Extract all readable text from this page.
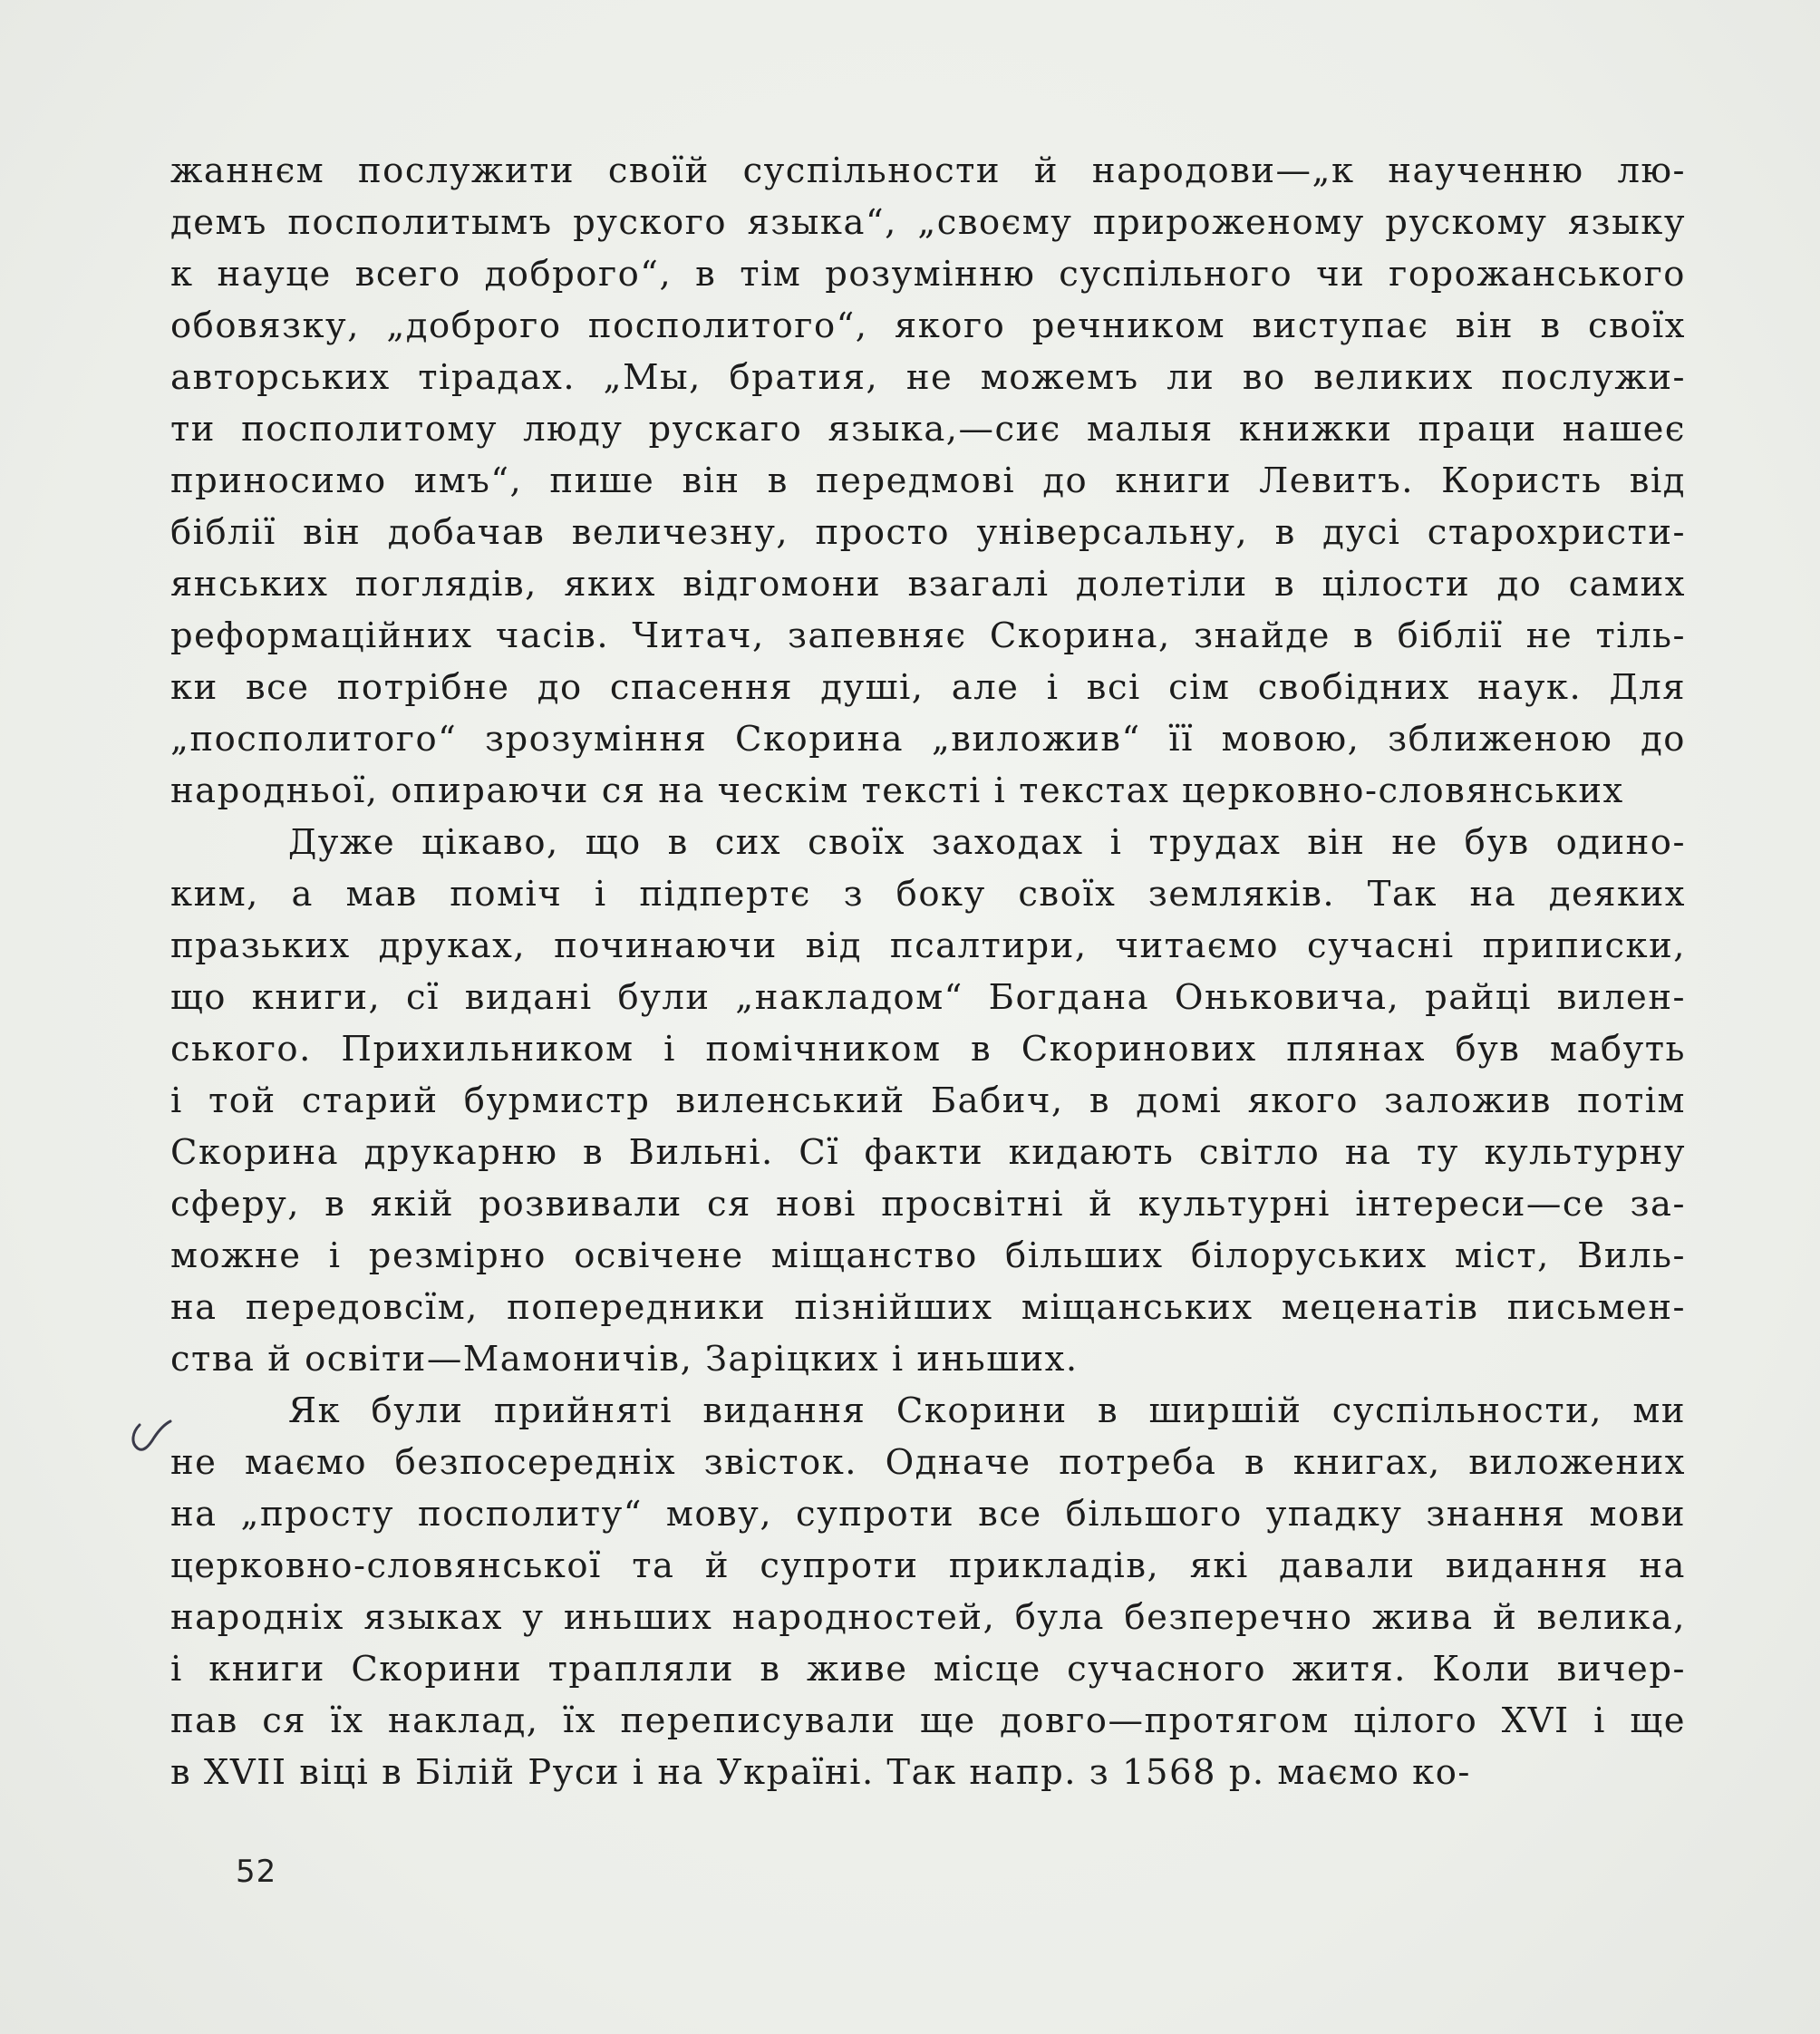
жаннєм послужити своїй суспільности й народови—„к наученню лю-
демъ посполитымъ рускогo языка“, „своєму прироженому рускому языку
к науце всего доброго“, в тім розумінню суспільного чи горожанського
обовязку, „доброго посполитого“, якого речником виступає він в своїх
авторських тірадах. „Мы, братия, не можемъ ли во великих послужи-
ти посполитому люду рускаго языка,—сиє малыя книжки праци нашеє
приносимо имъ“, пише він в передмові до книги Левитъ. Користь від
біблії він добачав величезну, просто універсальну, в дусі старохристи-
янських поглядів, яких відгомони взагалі долетіли в цілости до самих
реформаційних часів. Читач, запевняє Скорина, знайде в біблії не тіль-
ки все потрібне до спасення душі, але і всі сім свобідних наук. Для
„посполитого“ зрозуміння Скорина „виложив“ її мовою, зближеною до
народньої, опираючи ся на ческім тексті і текстах церковно-словянських
Дуже цікаво, що в сих своїх заходах і трудах він не був одино-
ким, а мав поміч і підпертє з боку своїх земляків. Так на деяких
празьких друках, починаючи від псалтири, читаємо сучасні приписки,
що книги, сї видані були „накладом“ Богдана Оньковича, райці вилен-
ського. Прихильником і помічником в Скоринових плянах був мабуть
і той старий бурмистр виленський Бабич, в домі якого заложив потім
Скорина друкарню в Вильні. Сї факти кидають світло на ту культурну
сферу, в якій розвивали ся нові просвітні й культурні інтереси—се за-
можне і резмірно освічене міщанство більших білоруських міст, Виль-
на передовсїм, попередники пізнійших міщанських меценатів письмен-
ства й освіти—Мамоничів, Заріцких і иньших.
Як були прийняті видання Скорини в ширшій суспільности, ми
не маємо безпосередніх звісток. Одначе потреба в книгах, виложених
на „просту посполиту“ мову, супроти все більшого упадку знання мови
церковно-словянської та й супроти прикладів, які давали видання на
народніх языках у иньших народностей, була безперечно жива й велика,
і книги Скорини трапляли в живе місце сучасного житя. Коли вичер-
пав ся їх наклад, їх переписували ще довго—протягом цілого XVI і ще
в XVII віці в Білій Руси і на Україні. Так напр. з 1568 р. маємо ко-
52
